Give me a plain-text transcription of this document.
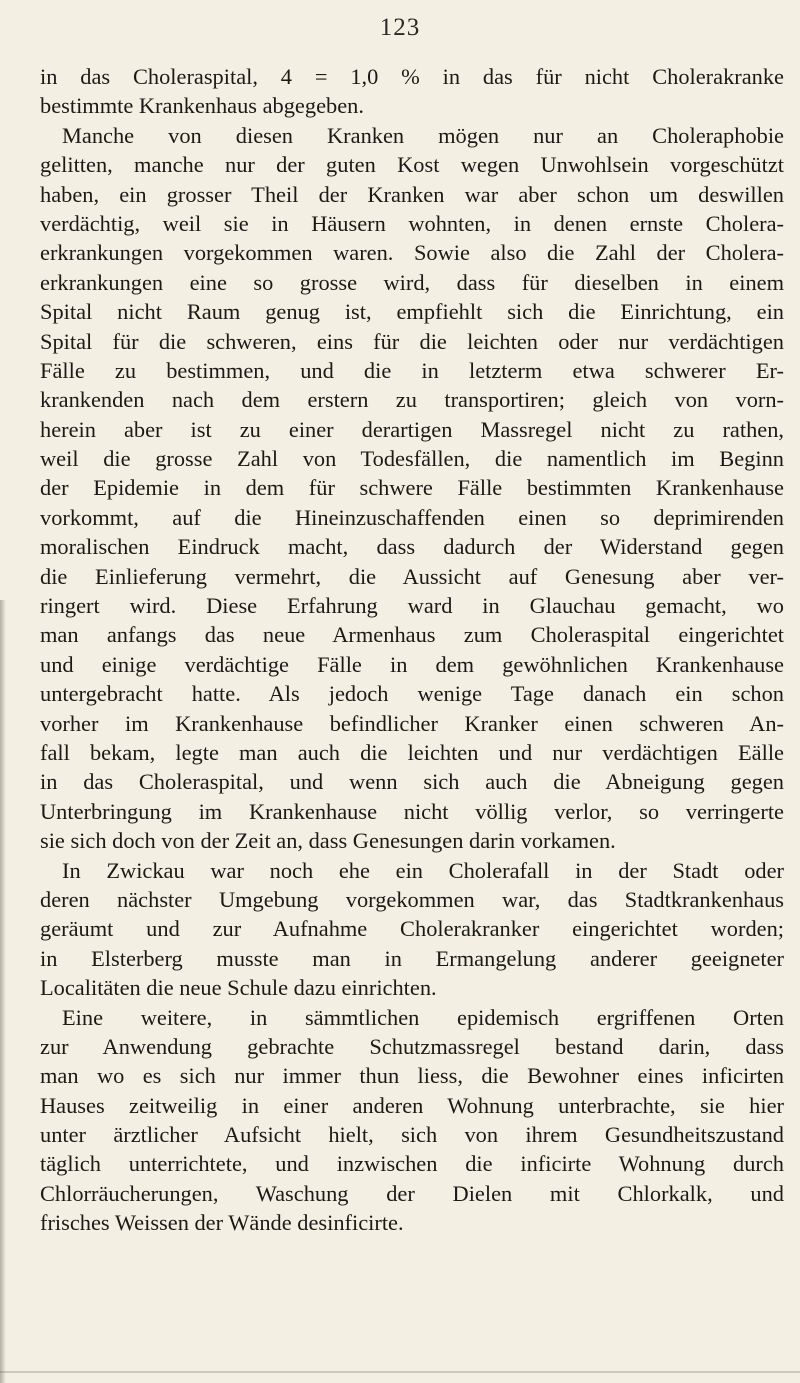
123
in das Choleraspital, 4 = 1,0 % in das für nicht Cholerakranke
bestimmte Krankenhaus abgegeben.
Manche von diesen Kranken mögen nur an Choleraphobie
gelitten, manche nur der guten Kost wegen Unwohlsein vorgeschützt
haben, ein grosser Theil der Kranken war aber schon um deswillen
verdächtig, weil sie in Häusern wohnten, in denen ernste Cholera-
erkrankungen vorgekommen waren. Sowie also die Zahl der Cholera-
erkrankungen eine so grosse wird, dass für dieselben in einem
Spital nicht Raum genug ist, empfiehlt sich die Einrichtung, ein
Spital für die schweren, eins für die leichten oder nur verdächtigen
Fälle zu bestimmen, und die in letzterm etwa schwerer Er-
krankenden nach dem erstern zu transportiren; gleich von vorn-
herein aber ist zu einer derartigen Massregel nicht zu rathen,
weil die grosse Zahl von Todesfällen, die namentlich im Beginn
der Epidemie in dem für schwere Fälle bestimmten Krankenhause
vorkommt, auf die Hineinzuschaffenden einen so deprimirenden
moralischen Eindruck macht, dass dadurch der Widerstand gegen
die Einlieferung vermehrt, die Aussicht auf Genesung aber ver-
ringert wird. Diese Erfahrung ward in Glauchau gemacht, wo
man anfangs das neue Armenhaus zum Choleraspital eingerichtet
und einige verdächtige Fälle in dem gewöhnlichen Krankenhause
untergebracht hatte. Als jedoch wenige Tage danach ein schon
vorher im Krankenhause befindlicher Kranker einen schweren An-
fall bekam, legte man auch die leichten und nur verdächtigen Eälle
in das Choleraspital, und wenn sich auch die Abneigung gegen
Unterbringung im Krankenhause nicht völlig verlor, so verringerte
sie sich doch von der Zeit an, dass Genesungen darin vorkamen.
In Zwickau war noch ehe ein Cholerafall in der Stadt oder
deren nächster Umgebung vorgekommen war, das Stadtkrankenhaus
geräumt und zur Aufnahme Cholerakranker eingerichtet worden;
in Elsterberg musste man in Ermangelung anderer geeigneter
Localitäten die neue Schule dazu einrichten.
Eine weitere, in sämmtlichen epidemisch ergriffenen Orten
zur Anwendung gebrachte Schutzmassregel bestand darin, dass
man wo es sich nur immer thun liess, die Bewohner eines inficirten
Hauses zeitweilig in einer anderen Wohnung unterbrachte, sie hier
unter ärztlicher Aufsicht hielt, sich von ihrem Gesundheitszustand
täglich unterrichtete, und inzwischen die inficirte Wohnung durch
Chlorräucherungen, Waschung der Dielen mit Chlorkalk, und
frisches Weissen der Wände desinficirte.
